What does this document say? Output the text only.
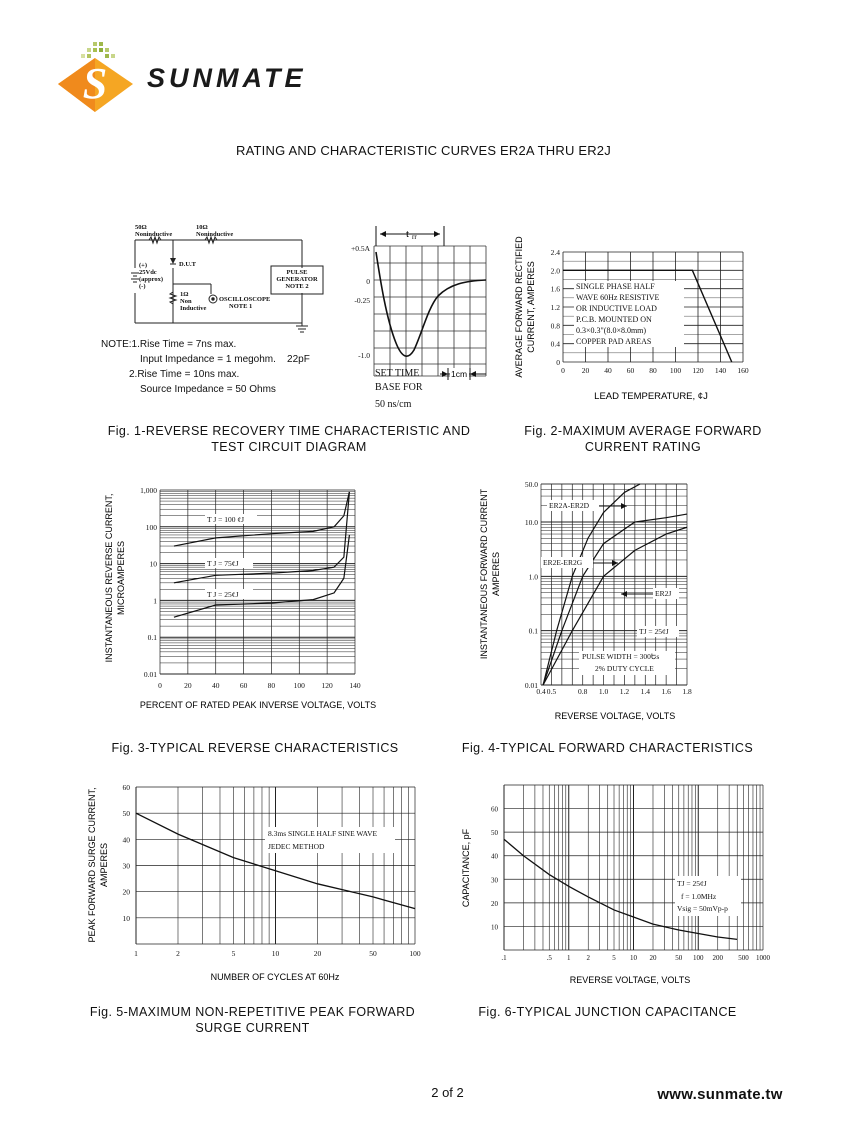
S SUNMATE
RATING AND CHARACTERISTIC CURVES ER2A THRU ER2J
50Ω
Noninductive
10Ω
Noninductive
D.U.T
(+)
25Vdc
(approx)
(-)
1Ω
Non
Inductive
OSCILLOSCOPE
NOTE 1
PULSE
GENERATOR
NOTE 2
NOTE:1.Rise Time = 7ns max.
Input Impedance = 1 megohm.    22pF
2.Rise Time = 10ns max.
Source Impedance = 50 Ohms
t rr
+0.5A
0
-0.25
-1.0
SET TIME
BASE FOR
50 ns/cm
1cm
Fig. 1-REVERSE RECOVERY TIME CHARACTERISTIC AND
TEST CIRCUIT DIAGRAM
0 20 40 60 80 100 120 140 160
0
0.4
0.8
1.2
1.6
2.0
2.4
AVERAGE FORWARD RECTIFIED CURRENT, AMPERES
LEAD TEMPERATURE, ¢J
SINGLE PHASE HALF
WAVE 60Hz RESISTIVE
OR INDUCTIVE LOAD
P.C.B. MOUNTED ON
0.3×0.3"(8.0×8.0mm)
COPPER PAD AREAS
Fig. 2-MAXIMUM AVERAGE FORWARD
CURRENT RATING
0	20	40	60	80 100 120 140
1,000
100
10
1
0.1
0.01
T J = 100 ¢J
T J = 75¢J
T J = 25¢J
INSTANTANEOUS REVERSE CURRENT, MICROAMPERES
PERCENT OF RATED PEAK INVERSE VOLTAGE, VOLTS
Fig. 3-TYPICAL REVERSE CHARACTERISTICS
0.4 0.5	0.8 1.0 1.2 1.4 1.6 1.8
50.0
10.0
1.0
0.1
0.01
ER2A-ER2D
ER2E-ER2G
ER2J
TJ = 25¢J
PULSE WIDTH = 300Եs
2% DUTY CYCLE
INSTANTANEOUS FORWARD CURRENT AMPERES
REVERSE VOLTAGE, VOLTS
Fig. 4-TYPICAL FORWARD CHARACTERISTICS
1	2	5	10	20	50	100
60
50
40
30
20
10
8.3ms SINGLE HALF SINE WAVE
JEDEC METHOD
PEAK FORWARD SURGE CURRENT, AMPERES
NUMBER OF CYCLES AT 60Hz
Fig. 5-MAXIMUM NON-REPETITIVE PEAK FORWARD
SURGE CURRENT
.1	.5 1 2	5 10 20	50 100 200 500 1000
60
50
40
30
20
10
TJ = 25¢J
f = 1.0MHz
Vsig = 50mVp-p
CAPACITANCE, pF
REVERSE VOLTAGE, VOLTS
Fig. 6-TYPICAL JUNCTION CAPACITANCE
2 of 2	www.sunmate.tw
